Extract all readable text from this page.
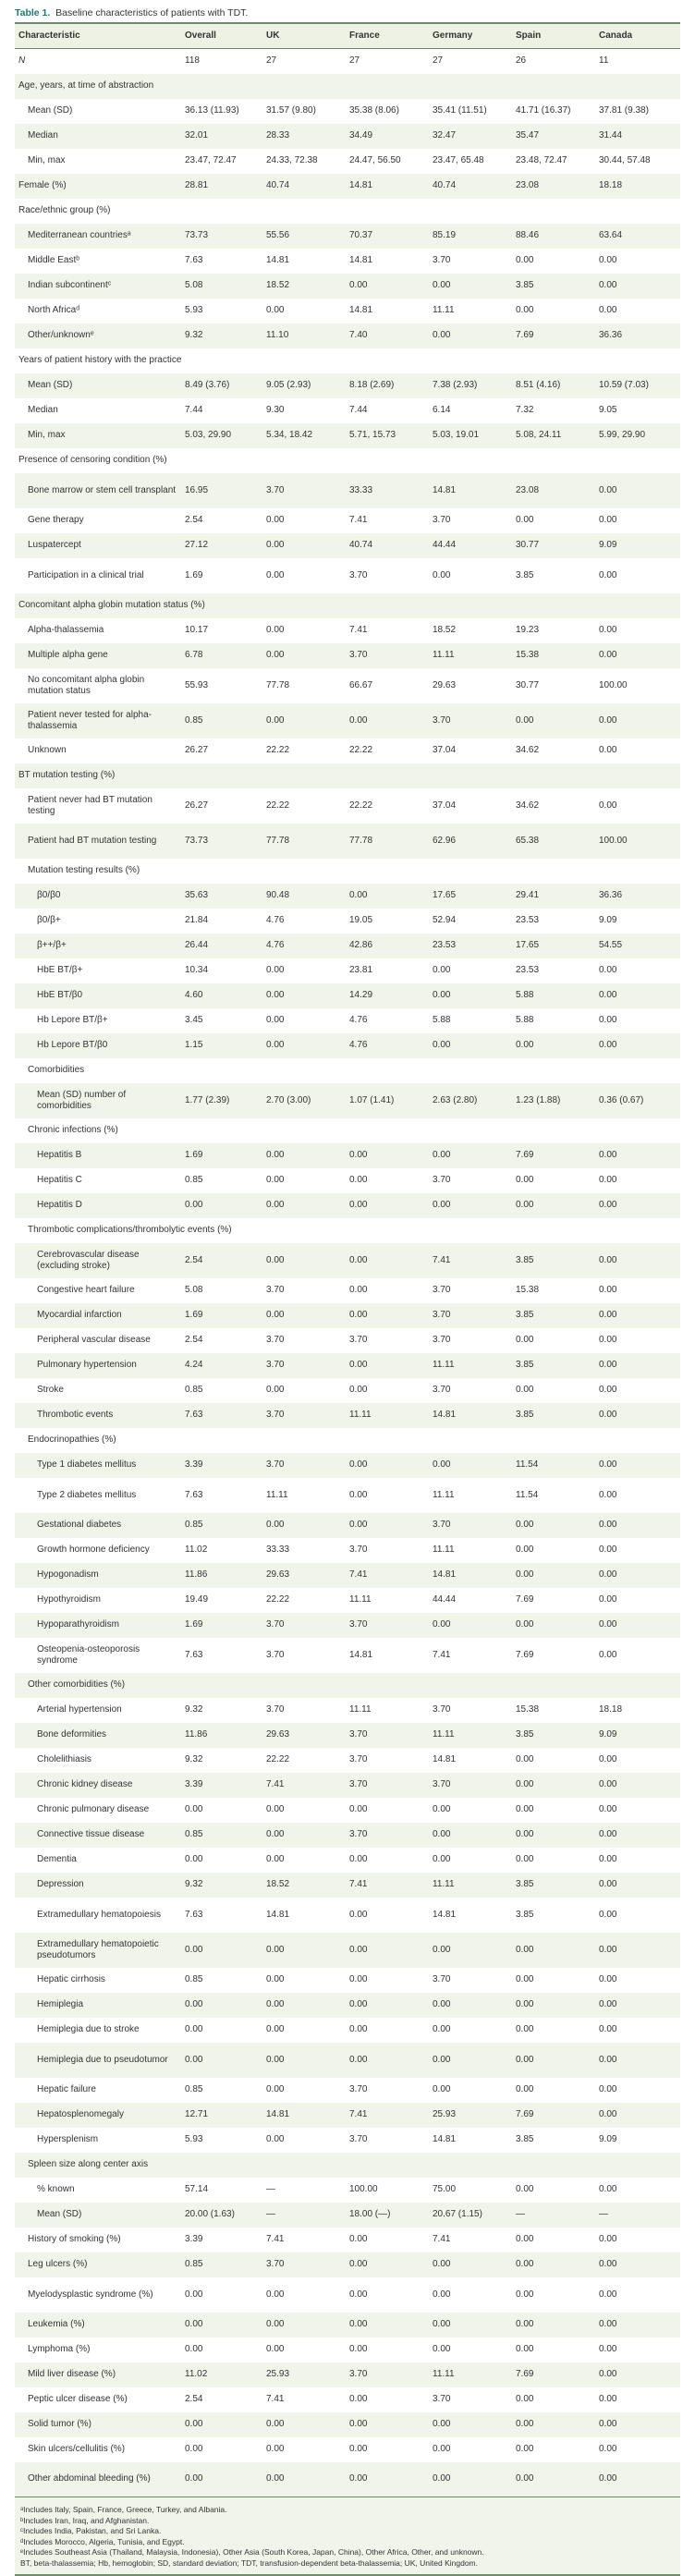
Table 1. Baseline characteristics of patients with TDT.
Characteristic	Overall	UK	France	Germany	Spain	Canada
N	118	27	27	27	26	11
Age, years, at time of abstraction						
Mean (SD)	36.13 (11.93)	31.57 (9.80)	35.38 (8.06)	35.41 (11.51)	41.71 (16.37)	37.81 (9.38)
Median	32.01	28.33	34.49	32.47	35.47	31.44
Min, max	23.47, 72.47	24.33, 72.38	24.47, 56.50	23.47, 65.48	23.48, 72.47	30.44, 57.48
Female (%)	28.81	40.74	14.81	40.74	23.08	18.18
Race/ethnic group (%)						
Mediterranean countriesᵃ	73.73	55.56	70.37	85.19	88.46	63.64
Middle Eastᵇ	7.63	14.81	14.81	3.70	0.00	0.00
Indian subcontinentᶜ	5.08	18.52	0.00	0.00	3.85	0.00
North Africaᵈ	5.93	0.00	14.81	11.11	0.00	0.00
Other/unknownᵉ	9.32	11.10	7.40	0.00	7.69	36.36
Years of patient history with the practice						
Mean (SD)	8.49 (3.76)	9.05 (2.93)	8.18 (2.69)	7.38 (2.93)	8.51 (4.16)	10.59 (7.03)
Median	7.44	9.30	7.44	6.14	7.32	9.05
Min, max	5.03, 29.90	5.34, 18.42	5.71, 15.73	5.03, 19.01	5.08, 24.11	5.99, 29.90
Presence of censoring condition (%)						
Bone marrow or stem cell transplant	16.95	3.70	33.33	14.81	23.08	0.00
Gene therapy	2.54	0.00	7.41	3.70	0.00	0.00
Luspatercept	27.12	0.00	40.74	44.44	30.77	9.09
Participation in a clinical trial	1.69	0.00	3.70	0.00	3.85	0.00
Concomitant alpha globin mutation status (%)						
Alpha-thalassemia	10.17	0.00	7.41	18.52	19.23	0.00
Multiple alpha gene	6.78	0.00	3.70	11.11	15.38	0.00
No concomitant alpha globin mutation status	55.93	77.78	66.67	29.63	30.77	100.00
Patient never tested for alpha-thalassemia	0.85	0.00	0.00	3.70	0.00	0.00
Unknown	26.27	22.22	22.22	37.04	34.62	0.00
BT mutation testing (%)						
Patient never had BT mutation testing	26.27	22.22	22.22	37.04	34.62	0.00
Patient had BT mutation testing	73.73	77.78	77.78	62.96	65.38	100.00
Mutation testing results (%)						
β0/β0	35.63	90.48	0.00	17.65	29.41	36.36
β0/β+	21.84	4.76	19.05	52.94	23.53	9.09
β++/β+	26.44	4.76	42.86	23.53	17.65	54.55
HbE BT/β+	10.34	0.00	23.81	0.00	23.53	0.00
HbE BT/β0	4.60	0.00	14.29	0.00	5.88	0.00
Hb Lepore BT/β+	3.45	0.00	4.76	5.88	5.88	0.00
Hb Lepore BT/β0	1.15	0.00	4.76	0.00	0.00	0.00
Comorbidities						
Mean (SD) number of comorbidities	1.77 (2.39)	2.70 (3.00)	1.07 (1.41)	2.63 (2.80)	1.23 (1.88)	0.36 (0.67)
Chronic infections (%)						
Hepatitis B	1.69	0.00	0.00	0.00	7.69	0.00
Hepatitis C	0.85	0.00	0.00	3.70	0.00	0.00
Hepatitis D	0.00	0.00	0.00	0.00	0.00	0.00
Thrombotic complications/thrombolytic events (%)						
Cerebrovascular disease (excluding stroke)	2.54	0.00	0.00	7.41	3.85	0.00
Congestive heart failure	5.08	3.70	0.00	3.70	15.38	0.00
Myocardial infarction	1.69	0.00	0.00	3.70	3.85	0.00
Peripheral vascular disease	2.54	3.70	3.70	3.70	0.00	0.00
Pulmonary hypertension	4.24	3.70	0.00	11.11	3.85	0.00
Stroke	0.85	0.00	0.00	3.70	0.00	0.00
Thrombotic events	7.63	3.70	11.11	14.81	3.85	0.00
Endocrinopathies (%)						
Type 1 diabetes mellitus	3.39	3.70	0.00	0.00	11.54	0.00
Type 2 diabetes mellitus	7.63	11.11	0.00	11.11	11.54	0.00
Gestational diabetes	0.85	0.00	0.00	3.70	0.00	0.00
Growth hormone deficiency	11.02	33.33	3.70	11.11	0.00	0.00
Hypogonadism	11.86	29.63	7.41	14.81	0.00	0.00
Hypothyroidism	19.49	22.22	11.11	44.44	7.69	0.00
Hypoparathyroidism	1.69	3.70	3.70	0.00	0.00	0.00
Osteopenia-osteoporosis syndrome	7.63	3.70	14.81	7.41	7.69	0.00
Other comorbidities (%)						
Arterial hypertension	9.32	3.70	11.11	3.70	15.38	18.18
Bone deformities	11.86	29.63	3.70	11.11	3.85	9.09
Cholelithiasis	9.32	22.22	3.70	14.81	0.00	0.00
Chronic kidney disease	3.39	7.41	3.70	3.70	0.00	0.00
Chronic pulmonary disease	0.00	0.00	0.00	0.00	0.00	0.00
Connective tissue disease	0.85	0.00	3.70	0.00	0.00	0.00
Dementia	0.00	0.00	0.00	0.00	0.00	0.00
Depression	9.32	18.52	7.41	11.11	3.85	0.00
Extramedullary hematopoiesis	7.63	14.81	0.00	14.81	3.85	0.00
Extramedullary hematopoietic pseudotumors	0.00	0.00	0.00	0.00	0.00	0.00
Hepatic cirrhosis	0.85	0.00	0.00	3.70	0.00	0.00
Hemiplegia	0.00	0.00	0.00	0.00	0.00	0.00
Hemiplegia due to stroke	0.00	0.00	0.00	0.00	0.00	0.00
Hemiplegia due to pseudotumor	0.00	0.00	0.00	0.00	0.00	0.00
Hepatic failure	0.85	0.00	3.70	0.00	0.00	0.00
Hepatosplenomegaly	12.71	14.81	7.41	25.93	7.69	0.00
Hypersplenism	5.93	0.00	3.70	14.81	3.85	9.09
Spleen size along center axis						
% known	57.14	—	100.00	75.00	0.00	0.00
Mean (SD)	20.00 (1.63)	—	18.00 (—)	20.67 (1.15)	—	—
History of smoking (%)	3.39	7.41	0.00	7.41	0.00	0.00
Leg ulcers (%)	0.85	3.70	0.00	0.00	0.00	0.00
Myelodysplastic syndrome (%)	0.00	0.00	0.00	0.00	0.00	0.00
Leukemia (%)	0.00	0.00	0.00	0.00	0.00	0.00
Lymphoma (%)	0.00	0.00	0.00	0.00	0.00	0.00
Mild liver disease (%)	11.02	25.93	3.70	11.11	7.69	0.00
Peptic ulcer disease (%)	2.54	7.41	0.00	3.70	0.00	0.00
Solid tumor (%)	0.00	0.00	0.00	0.00	0.00	0.00
Skin ulcers/cellulitis (%)	0.00	0.00	0.00	0.00	0.00	0.00
Other abdominal bleeding (%)	0.00	0.00	0.00	0.00	0.00	0.00
ᵃIncludes Italy, Spain, France, Greece, Turkey, and Albania.
ᵇIncludes Iran, Iraq, and Afghanistan.
ᶜIncludes India, Pakistan, and Sri Lanka.
ᵈIncludes Morocco, Algeria, Tunisia, and Egypt.
ᵉIncludes Southeast Asia (Thailand, Malaysia, Indonesia), Other Asia (South Korea, Japan, China), Other Africa, Other, and unknown.
BT, beta-thalassemia; Hb, hemoglobin; SD, standard deviation; TDT, transfusion-dependent beta-thalassemia; UK, United Kingdom.
